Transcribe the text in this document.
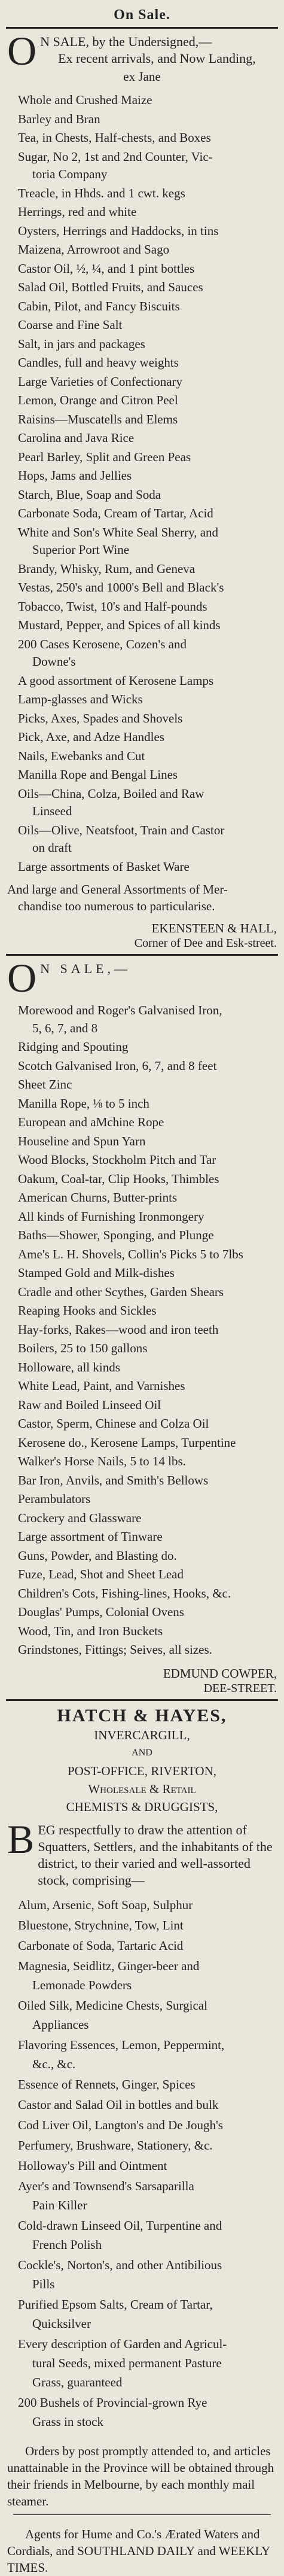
On Sale.
O N SALE, by the Undersigned,—
Ex recent arrivals, and Now Landing,
ex Jane
Whole and Crushed Maize
Barley and Bran
Tea, in Chests, Half-chests, and Boxes
Sugar, No 2, 1st and 2nd Counter, Vic-
toria Company
Treacle, in Hhds. and 1 cwt. kegs
Herrings, red and white
Oysters, Herrings and Haddocks, in tins
Maizena, Arrowroot and Sago
Castor Oil, ½, ¼, and 1 pint bottles
Salad Oil, Bottled Fruits, and Sauces
Cabin, Pilot, and Fancy Biscuits
Coarse and Fine Salt
Salt, in jars and packages
Candles, full and heavy weights
Large Varieties of Confectionary
Lemon, Orange and Citron Peel
Raisins—Muscatells and Elems
Carolina and Java Rice
Pearl Barley, Split and Green Peas
Hops, Jams and Jellies
Starch, Blue, Soap and Soda
Carbonate Soda, Cream of Tartar, Acid
White and Son's White Seal Sherry, and
Superior Port Wine
Brandy, Whisky, Rum, and Geneva
Vestas, 250's and 1000's Bell and Black's
Tobacco, Twist, 10's and Half-pounds
Mustard, Pepper, and Spices of all kinds
200 Cases Kerosene, Cozen's and
Downe's
A good assortment of Kerosene Lamps
Lamp-glasses and Wicks
Picks, Axes, Spades and Shovels
Pick, Axe, and Adze Handles
Nails, Ewebanks and Cut
Manilla Rope and Bengal Lines
Oils—China, Colza, Boiled and Raw
Linseed
Oils—Olive, Neatsfoot, Train and Castor
on draft
Large assortments of Basket Ware
And large and General Assortments of Mer-
chandise too numerous to particularise.
EKENSTEEN & HALL,
Corner of Dee and Esk-street.
O N SALE,—
Morewood and Roger's Galvanised Iron,
5, 6, 7, and 8
Ridging and Spouting
Scotch Galvanised Iron, 6, 7, and 8 feet
Sheet Zinc
Manilla Rope, ⅛ to 5 inch
European and aMchine Rope
Houseline and Spun Yarn
Wood Blocks, Stockholm Pitch and Tar
Oakum, Coal-tar, Clip Hooks, Thimbles
American Churns, Butter-prints
All kinds of Furnishing Ironmongery
Baths—Shower, Sponging, and Plunge
Ame's L. H. Shovels, Collin's Picks 5 to 7lbs
Stamped Gold and Milk-dishes
Cradle and other Scythes, Garden Shears
Reaping Hooks and Sickles
Hay-forks, Rakes—wood and iron teeth
Boilers, 25 to 150 gallons
Holloware, all kinds
White Lead, Paint, and Varnishes
Raw and Boiled Linseed Oil
Castor, Sperm, Chinese and Colza Oil
Kerosene do., Kerosene Lamps, Turpentine
Walker's Horse Nails, 5 to 14 lbs.
Bar Iron, Anvils, and Smith's Bellows
Perambulators
Crockery and Glassware
Large assortment of Tinware
Guns, Powder, and Blasting do.
Fuze, Lead, Shot and Sheet Lead
Children's Cots, Fishing-lines, Hooks, &c.
Douglas' Pumps, Colonial Ovens
Wood, Tin, and Iron Buckets
Grindstones, Fittings; Seives, all sizes.
EDMUND COWPER,
DEE-STREET.
HATCH & HAYES,
INVERCARGILL,
AND
POST-OFFICE, RIVERTON,
Wholesale & Retail
CHEMISTS & DRUGGISTS,
B EG respectfully to draw the attention of Squatters, Settlers, and the inhabitants of the district, to their varied and well-assorted stock, comprising—
Alum, Arsenic, Soft Soap, Sulphur
Bluestone, Strychnine, Tow, Lint
Carbonate of Soda, Tartaric Acid
Magnesia, Seidlitz, Ginger-beer and
Lemonade Powders
Oiled Silk, Medicine Chests, Surgical
Appliances
Flavoring Essences, Lemon, Peppermint,
&c., &c.
Essence of Rennets, Ginger, Spices
Castor and Salad Oil in bottles and bulk
Cod Liver Oil, Langton's and De Jough's
Perfumery, Brushware, Stationery, &c.
Holloway's Pill and Ointment
Ayer's and Townsend's Sarsaparilla
Pain Killer
Cold-drawn Linseed Oil, Turpentine and
French Polish
Cockle's, Norton's, and other Antibilious
Pills
Purified Epsom Salts, Cream of Tartar,
Quicksilver
Every description of Garden and Agricul-
tural Seeds, mixed permanent Pasture
Grass, guaranteed
200 Bushels of Provincial-grown Rye
Grass in stock
Orders by post promptly attended to, and articles unattainable in the Province will be obtained through their friends in Melbourne, by each monthly mail steamer.
Agents for Hume and Co.'s Ærated Waters and Cordials, and SOUTHLAND DAILY and WEEKLY TIMES.
